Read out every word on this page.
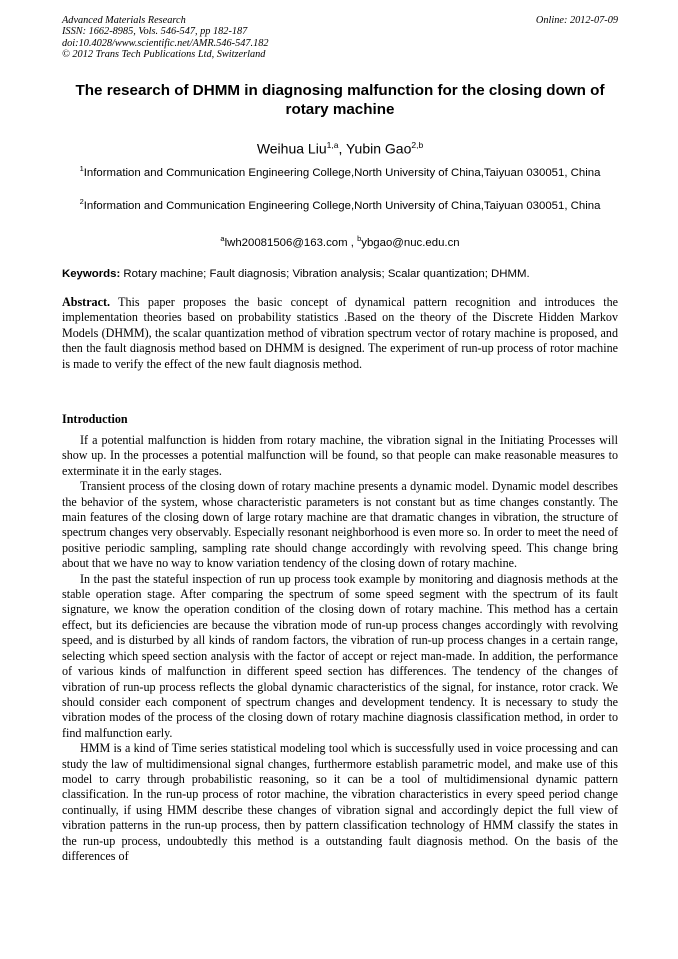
Advanced Materials Research
ISSN: 1662-8985, Vols. 546-547, pp 182-187
doi:10.4028/www.scientific.net/AMR.546-547.182
© 2012 Trans Tech Publications Ltd, Switzerland
Online: 2012-07-09
The research of DHMM in diagnosing malfunction for the closing down of rotary machine
Weihua Liu$^{1,a}$, Yubin Gao$^{2,b}$
$^1$Information and Communication Engineering College,North University of China,Taiyuan 030051, China
$^2$Information and Communication Engineering College,North University of China,Taiyuan 030051, China
$^a$lwh20081506@163.com , $^b$ybgao@nuc.edu.cn
Keywords: Rotary machine; Fault diagnosis; Vibration analysis; Scalar quantization; DHMM.
Abstract. This paper proposes the basic concept of dynamical pattern recognition and introduces the implementation theories based on probability statistics .Based on the theory of the Discrete Hidden Markov Models (DHMM), the scalar quantization method of vibration spectrum vector of rotary machine is proposed, and then the fault diagnosis method based on DHMM is designed. The experiment of run-up process of rotor machine is made to verify the effect of the new fault diagnosis method.
Introduction

If a potential malfunction is hidden from rotary machine, the vibration signal in the Initiating Processes will show up. In the processes a potential malfunction will be found, so that people can make reasonable measures to exterminate it in the early stages.

Transient process of the closing down of rotary machine presents a dynamic model. Dynamic model describes the behavior of the system, whose characteristic parameters is not constant but as time changes constantly. The main features of the closing down of large rotary machine are that dramatic changes in vibration, the structure of spectrum changes very observably. Especially resonant neighborhood is even more so. In order to meet the need of positive periodic sampling, sampling rate should change accordingly with revolving speed. This change bring about that we have no way to know variation tendency of the closing down of rotary machine.

In the past the stateful inspection of run up process took example by monitoring and diagnosis methods at the stable operation stage. After comparing the spectrum of some speed segment with the spectrum of its fault signature, we know the operation condition of the closing down of rotary machine. This method has a certain effect, but its deficiencies are because the vibration mode of run-up process changes accordingly with revolving speed, and is disturbed by all kinds of random factors, the vibration of run-up process changes in a certain range, selecting which speed section analysis with the factor of accept or reject man-made. In addition, the performance of various kinds of malfunction in different speed section has differences. The tendency of the changes of vibration of run-up process reflects the global dynamic characteristics of the signal, for instance, rotor crack. We should consider each component of spectrum changes and development tendency. It is necessary to study the vibration modes of the process of the closing down of rotary machine diagnosis classification method, in order to find malfunction early.

HMM is a kind of Time series statistical modeling tool which is successfully used in voice processing and can study the law of multidimensional signal changes, furthermore establish parametric model, and make use of this model to carry through probabilistic reasoning, so it can be a tool of multidimensional dynamic pattern classification. In the run-up process of rotor machine, the vibration characteristics in every speed period change continually, if using HMM describe these changes of vibration signal and accordingly depict the full view of vibration patterns in the run-up process, then by pattern classification technology of HMM classify the states in the run-up process, undoubtedly this method is a outstanding fault diagnosis method. On the basis of the differences of
